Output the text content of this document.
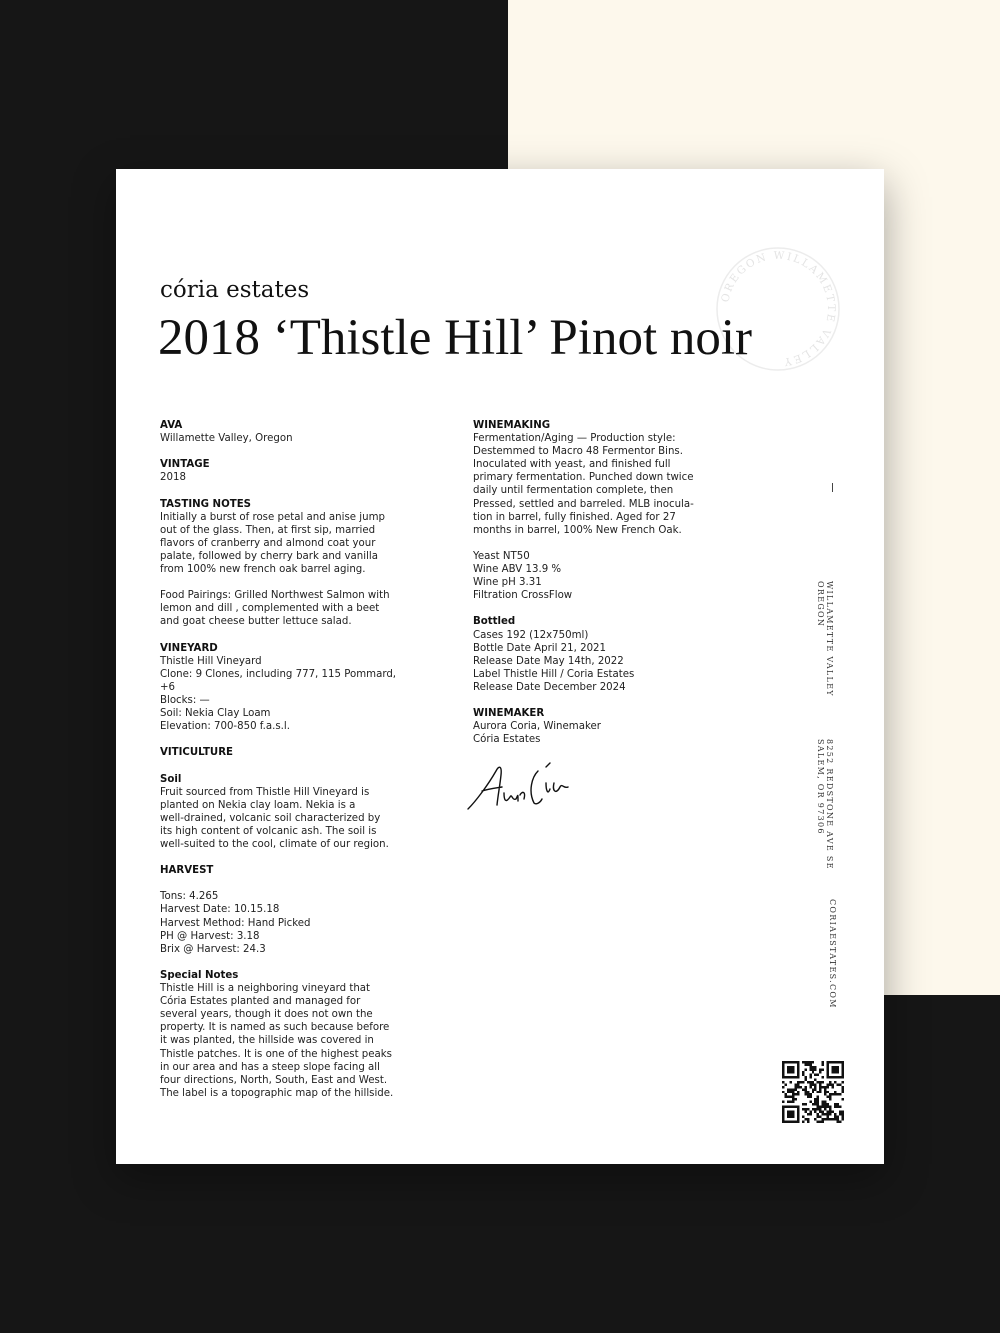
OREGON WILLAMETTE VALLEY
cória estates
2018 ‘Thistle Hill’ Pinot noir
AVA
Willamette Valley, Oregon
VINTAGE
2018
TASTING NOTES
Initially a burst of rose petal and anise jump
out of the glass. Then, at first sip, married
flavors of cranberry and almond coat your
palate, followed by cherry bark and vanilla
from 100% new french oak barrel aging.
Food Pairings: Grilled Northwest Salmon with
lemon and dill , complemented with a beet
and goat cheese butter lettuce salad.
VINEYARD
Thistle Hill Vineyard
Clone: 9 Clones, including 777, 115 Pommard,
+6
Blocks: —
Soil: Nekia Clay Loam
Elevation: 700-850 f.a.s.l.
VITICULTURE
Soil
Fruit sourced from Thistle Hill Vineyard is
planted on Nekia clay loam. Nekia is a
well-drained, volcanic soil characterized by
its high content of volcanic ash. The soil is
well-suited to the cool, climate of our region.
HARVEST
Tons: 4.265
Harvest Date: 10.15.18
Harvest Method: Hand Picked
PH @ Harvest: 3.18
Brix @ Harvest: 24.3
Special Notes
Thistle Hill is a neighboring vineyard that
Cória Estates planted and managed for
several years, though it does not own the
property. It is named as such because before
it was planted, the hillside was covered in
Thistle patches. It is one of the highest peaks
in our area and has a steep slope facing all
four directions, North, South, East and West.
The label is a topographic map of the hillside.
WINEMAKING
Fermentation/Aging — Production style:
Destemmed to Macro 48 Fermentor Bins.
Inoculated with yeast, and finished full
primary fermentation. Punched down twice
daily until fermentation complete, then
Pressed, settled and barreled. MLB inocula-
tion in barrel, fully finished. Aged for 27
months in barrel, 100% New French Oak.
Yeast NT50
Wine ABV 13.9 %
Wine pH 3.31
Filtration CrossFlow
Bottled
Cases 192 (12x750ml)
Bottle Date April 21, 2021
Release Date May 14th, 2022
Label Thistle Hill / Coria Estates
Release Date December 2024
WINEMAKER
Aurora Coria, Winemaker
Cória Estates
WILLAMETTE VALLEY
OREGON
8252 REDSTONE AVE SE
SALEM, OR 97306
CORIAESTATES.COM
